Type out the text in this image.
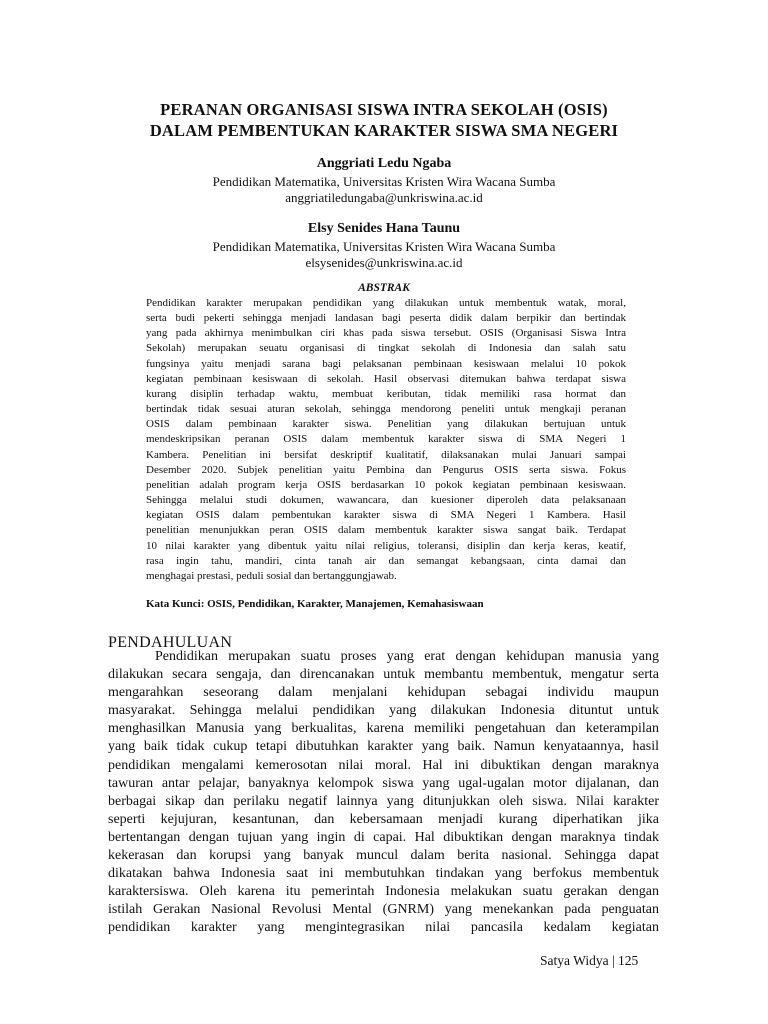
PERANAN ORGANISASI SISWA INTRA SEKOLAH (OSIS)
DALAM PEMBENTUKAN KARAKTER SISWA SMA NEGERI
Anggriati Ledu Ngaba
Pendidikan Matematika, Universitas Kristen Wira Wacana Sumba
anggriatiledungaba@unkriswina.ac.id
Elsy Senides Hana Taunu
Pendidikan Matematika, Universitas Kristen Wira Wacana Sumba
elsysenides@unkriswina.ac.id
ABSTRAK
Pendidikan karakter merupakan pendidikan yang dilakukan untuk membentuk watak, moral,
serta budi pekerti sehingga menjadi landasan bagi peserta didik dalam berpikir dan bertindak
yang pada akhirnya menimbulkan ciri khas pada siswa tersebut. OSIS (Organisasi Siswa Intra
Sekolah) merupakan seuatu organisasi di tingkat sekolah di Indonesia dan salah satu
fungsinya yaitu menjadi sarana bagi pelaksanan pembinaan kesiswaan melalui 10 pokok
kegiatan pembinaan kesiswaan di sekolah. Hasil observasi ditemukan bahwa terdapat siswa
kurang disiplin terhadap waktu, membuat keributan, tidak memiliki rasa hormat dan
bertindak tidak sesuai aturan sekolah, sehingga mendorong peneliti untuk mengkaji peranan
OSIS dalam pembinaan karakter siswa. Penelitian yang dilakukan bertujuan untuk
mendeskripsikan peranan OSIS dalam membentuk karakter siswa di SMA Negeri 1
Kambera. Penelitian ini bersifat deskriptif kualitatif, dilaksanakan mulai Januari sampai
Desember 2020. Subjek penelitian yaitu Pembina dan Pengurus OSIS serta siswa. Fokus
penelitian adalah program kerja OSIS berdasarkan 10 pokok kegiatan pembinaan kesiswaan.
Sehingga melalui studi dokumen, wawancara, dan kuesioner diperoleh data pelaksanaan
kegiatan OSIS dalam pembentukan karakter siswa di SMA Negeri 1 Kambera. Hasil
penelitian menunjukkan peran OSIS dalam membentuk karakter siswa sangat baik. Terdapat
10 nilai karakter yang dibentuk yaitu nilai religius, toleransi, disiplin dan kerja keras, keatif,
rasa ingin tahu, mandiri, cinta tanah air dan semangat kebangsaan, cinta damai dan
menghagai prestasi, peduli sosial dan bertanggungjawab.
Kata Kunci: OSIS, Pendidikan, Karakter, Manajemen, Kemahasiswaan
PENDAHULUAN
Pendidikan merupakan suatu proses yang erat dengan kehidupan manusia yang
dilakukan secara sengaja, dan direncanakan untuk membantu membentuk, mengatur serta
mengarahkan seseorang dalam menjalani kehidupan sebagai individu maupun
masyarakat. Sehingga melalui pendidikan yang dilakukan Indonesia dituntut untuk
menghasilkan Manusia yang berkualitas, karena memiliki pengetahuan dan keterampilan
yang baik tidak cukup tetapi dibutuhkan karakter yang baik. Namun kenyataannya, hasil
pendidikan mengalami kemerosotan nilai moral. Hal ini dibuktikan dengan maraknya
tawuran antar pelajar, banyaknya kelompok siswa yang ugal-ugalan motor dijalanan, dan
berbagai sikap dan perilaku negatif lainnya yang ditunjukkan oleh siswa. Nilai karakter
seperti kejujuran, kesantunan, dan kebersamaan menjadi kurang diperhatikan jika
bertentangan dengan tujuan yang ingin di capai. Hal dibuktikan dengan maraknya tindak
kekerasan dan korupsi yang banyak muncul dalam berita nasional. Sehingga dapat
dikatakan bahwa Indonesia saat ini membutuhkan tindakan yang berfokus membentuk
karaktersiswa. Oleh karena itu pemerintah Indonesia melakukan suatu gerakan dengan
istilah Gerakan Nasional Revolusi Mental (GNRM) yang menekankan pada penguatan
pendidikan karakter yang mengintegrasikan nilai pancasila kedalam kegiatan
Satya Widya | 125
